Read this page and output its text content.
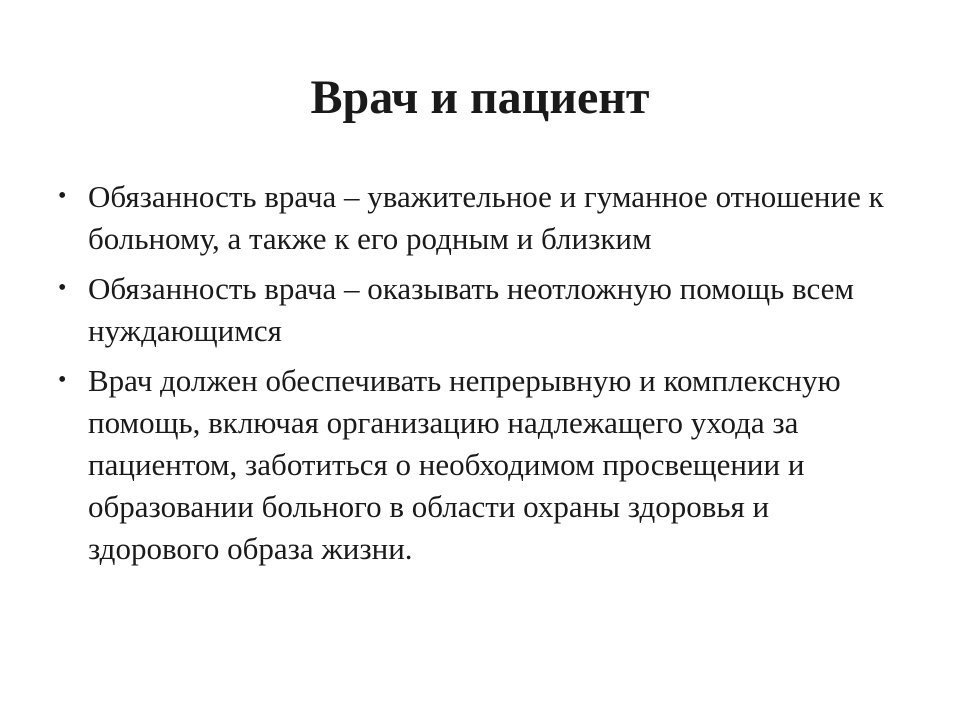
Врач и пациент
• Обязанность врача – уважительное и гуманное отношение к больному, а также к его родным и близким
• Обязанность врача – оказывать неотложную помощь всем нуждающимся
• Врач должен обеспечивать непрерывную и комплексную помощь, включая организацию надлежащего ухода за пациентом, заботиться о необходимом просвещении и образовании больного в области охраны здоровья и здорового образа жизни.
